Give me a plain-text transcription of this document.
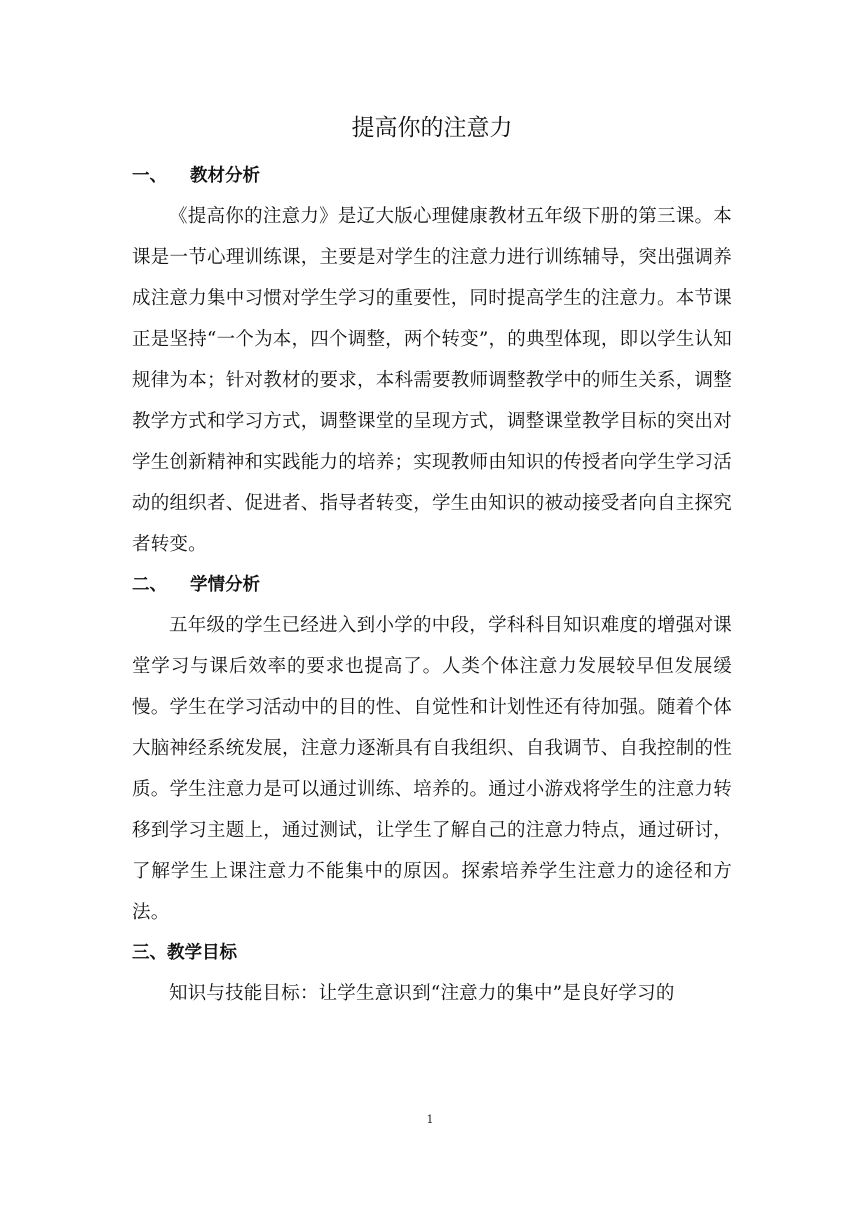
提高你的注意力
一、 教材分析

《提高你的注意力》是辽大版心理健康教材五年级下册的第三课。本课是一节心理训练课，主要是对学生的注意力进行训练辅导，突出强调养成注意力集中习惯对学生学习的重要性，同时提高学生的注意力。本节课正是坚持“一个为本，四个调整，两个转变”，的典型体现，即以学生认知规律为本；针对教材的要求，本科需要教师调整教学中的师生关系，调整教学方式和学习方式，调整课堂的呈现方式，调整课堂教学目标的突出对学生创新精神和实践能力的培养；实现教师由知识的传授者向学生学习活动的组织者、促进者、指导者转变，学生由知识的被动接受者向自主探究者转变。

二、 学情分析

五年级的学生已经进入到小学的中段，学科科目知识难度的增强对课堂学习与课后效率的要求也提高了。人类个体注意力发展较早但发展缓慢。学生在学习活动中的目的性、自觉性和计划性还有待加强。随着个体大脑神经系统发展，注意力逐渐具有自我组织、自我调节、自我控制的性质。学生注意力是可以通过训练、培养的。通过小游戏将学生的注意力转移到学习主题上，通过测试，让学生了解自己的注意力特点，通过研讨，了解学生上课注意力不能集中的原因。探索培养学生注意力的途径和方法。

三、教学目标

知识与技能目标：让学生意识到“注意力的集中”是良好学习的

1
